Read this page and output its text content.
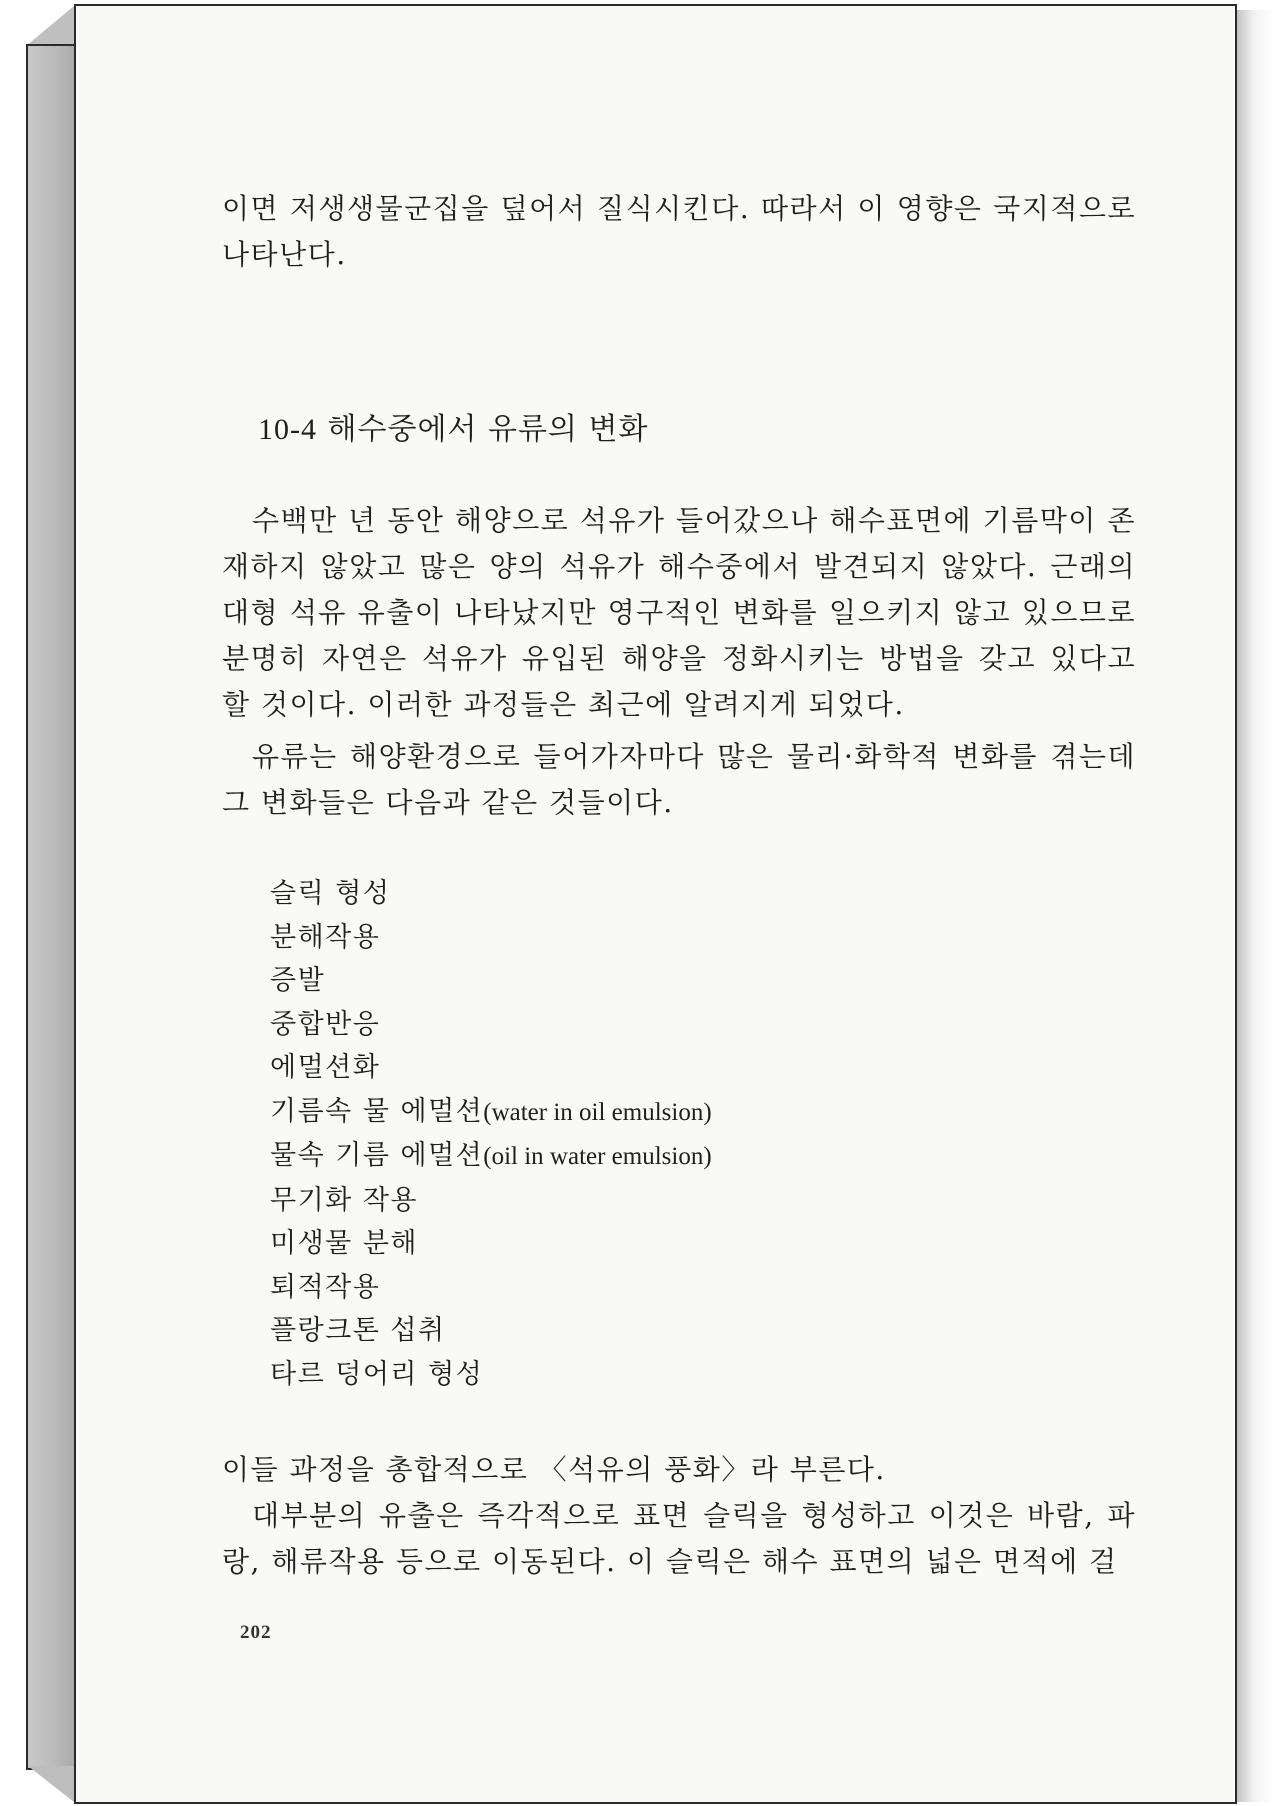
이면 저생생물군집을 덮어서 질식시킨다. 따라서 이 영향은 국지적으로 나타난다.

10-4 해수중에서 유류의 변화

수백만 년 동안 해양으로 석유가 들어갔으나 해수표면에 기름막이 존재하지 않았고 많은 양의 석유가 해수중에서 발견되지 않았다. 근래의 대형 석유 유출이 나타났지만 영구적인 변화를 일으키지 않고 있으므로 분명히 자연은 석유가 유입된 해양을 정화시키는 방법을 갖고 있다고 할 것이다. 이러한 과정들은 최근에 알려지게 되었다.

유류는 해양환경으로 들어가자마다 많은 물리·화학적 변화를 겪는데 그 변화들은 다음과 같은 것들이다.

슬릭 형성
분해작용
증발
중합반응
에멀션화
기름속 물 에멀션(water in oil emulsion)
물속 기름 에멀션(oil in water emulsion)
무기화 작용
미생물 분해
퇴적작용
플랑크톤 섭취
타르 덩어리 형성

이들 과정을 총합적으로 〈석유의 풍화〉라 부른다.

대부분의 유출은 즉각적으로 표면 슬릭을 형성하고 이것은 바람, 파랑, 해류작용 등으로 이동된다. 이 슬릭은 해수 표면의 넓은 면적에 걸

202
